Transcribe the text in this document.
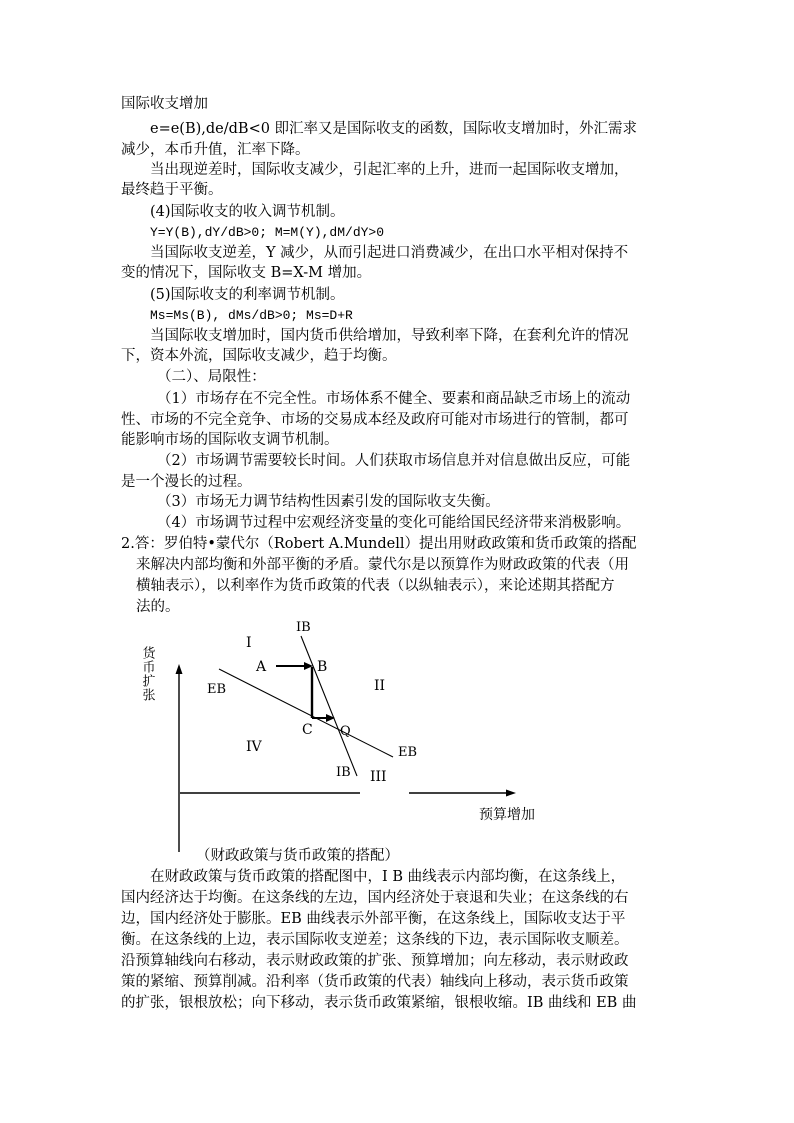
国际收支增加
e=e(B),de/dB<0 即汇率又是国际收支的函数，国际收支增加时，外汇需求
减少，本币升值，汇率下降。
当出现逆差时，国际收支减少，引起汇率的上升，进而一起国际收支增加，
最终趋于平衡。
(4)国际收支的收入调节机制。
Y=Y(B),dY/dB>0; M=M(Y),dM/dY>0
当国际收支逆差，Y 减少，从而引起进口消费减少，在出口水平相对保持不
变的情况下，国际收支 B=X-M 增加。
(5)国际收支的利率调节机制。
Ms=Ms(B), dMs/dB>0; Ms=D+R
当国际收支增加时，国内货币供给增加，导致利率下降，在套利允许的情况
下，资本外流，国际收支减少，趋于均衡。
（二）、局限性：
（1）市场存在不完全性。市场体系不健全、要素和商品缺乏市场上的流动
性、市场的不完全竞争、市场的交易成本经及政府可能对市场进行的管制，都可
能影响市场的国际收支调节机制。
（2）市场调节需要较长时间。人们获取市场信息并对信息做出反应，可能
是一个漫长的过程。
（3）市场无力调节结构性因素引发的国际收支失衡。
（4）市场调节过程中宏观经济变量的变化可能给国民经济带来消极影响。
2.答：罗伯特•蒙代尔（Robert A.Mundell）提出用财政政策和货币政策的搭配
来解决内部均衡和外部平衡的矛盾。蒙代尔是以预算作为财政政策的代表（用
横轴表示），以利率作为货币政策的代表（以纵轴表示），来论述期其搭配方
法的。
货币扩张
I
II
III
IV
IB
IB
EB
EB
A	B
C Q
预算增加
（财政政策与货币政策的搭配）
在财政政策与货币政策的搭配图中，I B 曲线表示内部均衡，在这条线上，
国内经济达于均衡。在这条线的左边，国内经济处于衰退和失业；在这条线的右
边，国内经济处于膨胀。EB 曲线表示外部平衡，在这条线上，国际收支达于平
衡。在这条线的上边，表示国际收支逆差；这条线的下边，表示国际收支顺差。
沿预算轴线向右移动，表示财政政策的扩张、预算增加；向左移动，表示财政政
策的紧缩、预算削减。沿利率（货币政策的代表）轴线向上移动，表示货币政策
的扩张，银根放松；向下移动，表示货币政策紧缩，银根收缩。IB 曲线和 EB 曲
